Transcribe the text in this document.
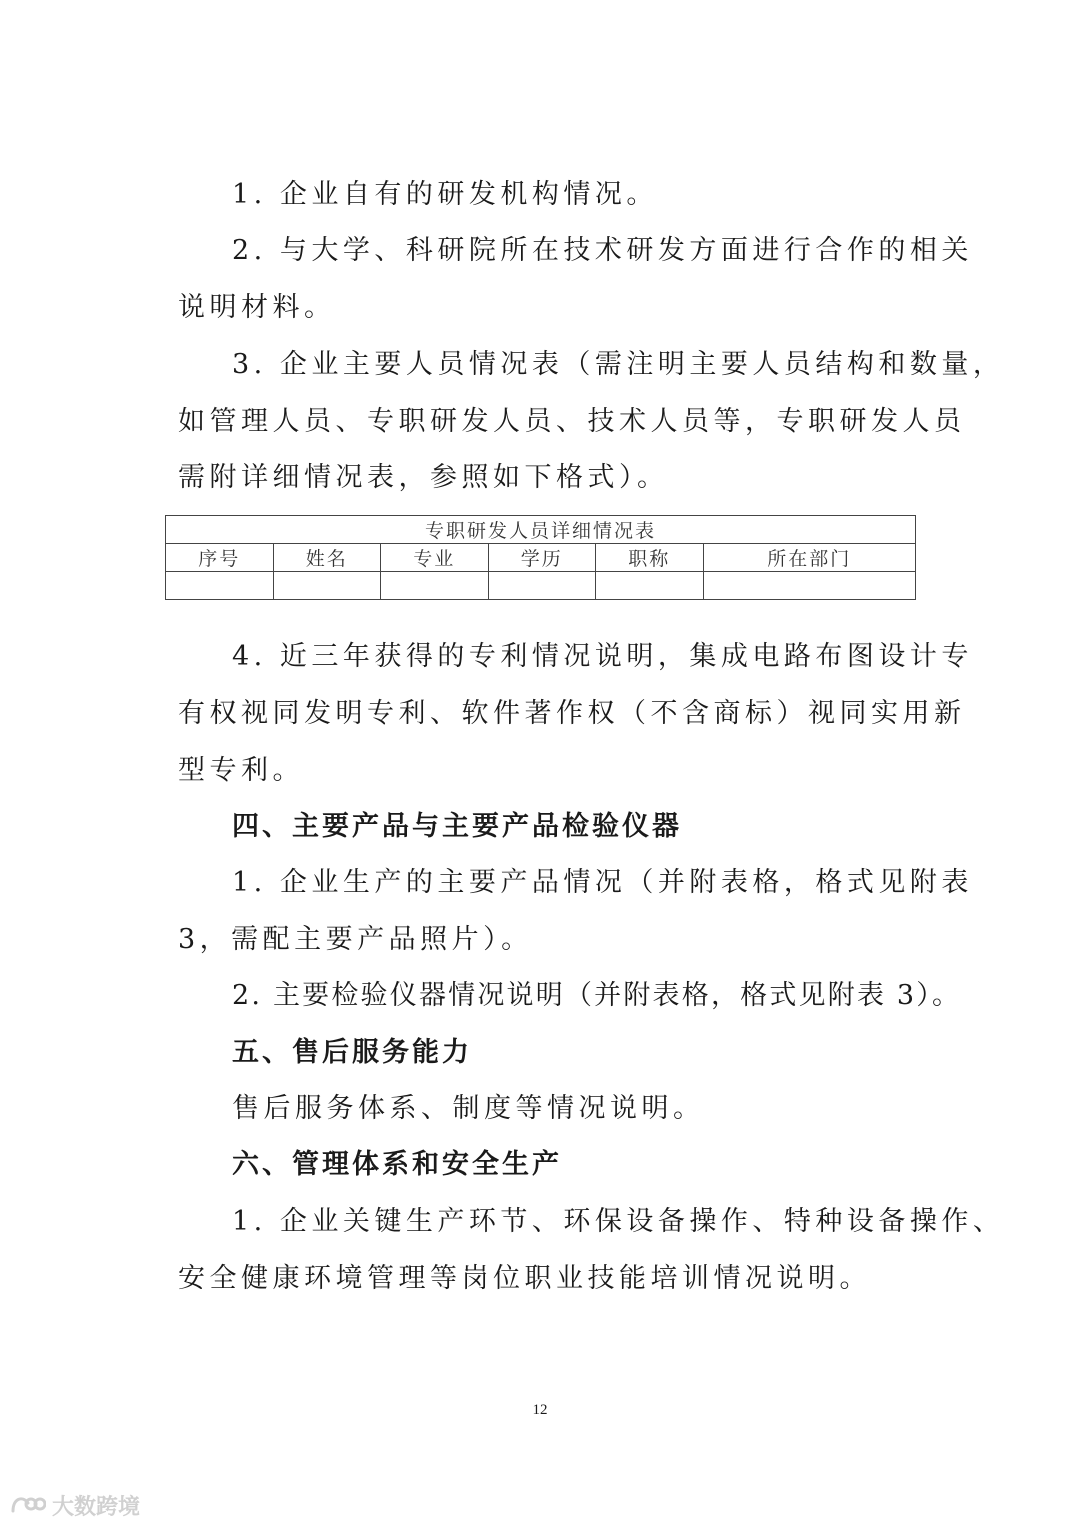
1. 企业自有的研发机构情况。
2. 与大学、科研院所在技术研发方面进行合作的相关
说明材料。
3. 企业主要人员情况表（需注明主要人员结构和数量，
如管理人员、专职研发人员、技术人员等，专职研发人员
需附详细情况表，参照如下格式）。
专职研发人员详细情况表					
序号	姓名	专业	学历	职称	所在部门

4. 近三年获得的专利情况说明，集成电路布图设计专
有权视同发明专利、软件著作权（不含商标）视同实用新
型专利。
四、主要产品与主要产品检验仪器
1. 企业生产的主要产品情况（并附表格，格式见附表
3，需配主要产品照片）。
2. 主要检验仪器情况说明（并附表格，格式见附表 3）。
五、售后服务能力
售后服务体系、制度等情况说明。
六、管理体系和安全生产
1. 企业关键生产环节、环保设备操作、特种设备操作、
安全健康环境管理等岗位职业技能培训情况说明。
12
大数跨境
